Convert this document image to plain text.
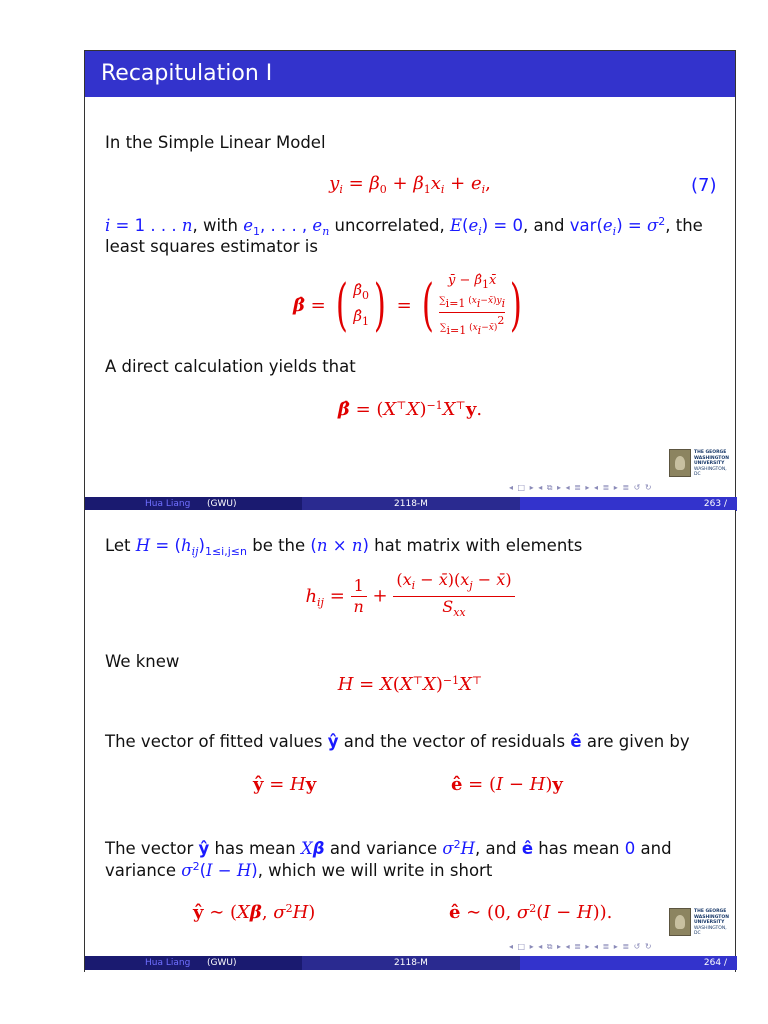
Recapitulation I
In the Simple Linear Model
$y_i = \beta_0 + \beta_1x_i + e_i$,	(7)
i = 1 . . . n, with $e_1$, . . . , $e_n$ uncorrelated, $E(e_i) = 0$, and $var(e_i) = \sigma^2$, the
least squares estimator is
β̂ = ( $\betâ_0$
$\betâ_1$) = (	ȳ − $\betâ_1x̄$
∑i=1 (xi−x̄)yi
∑i=1 (xi−x̄)2 )
A direct calculation yields that
β̂ = $(X^⊤X)^{-1}X^⊤y$.
THE GEORGE
WASHINGTON
UNIVERSITY
WASHINGTON, DC
◂ □ ▸ ◂ ⧉ ▸ ◂ ≣ ▸ ◂ ≣ ▸ ≣ ↺ ↻
Hua Liang (GWU)	2118-M	263 /
Let $H = (h_{ij})_{1\le i,j\le n}$ be the (n × n) hat matrix with elements
$h_{ij} = \frac{1}{n} + \frac{(x_i - x̄)(x_j - x̄)}{S_{xx}}$
We knew
$H = X(X^⊤X)^{-1}X^⊤$
The vector of fitted values ŷ and the vector of residuals ê are given by
ŷ = Hy	ê = (I − H)y
The vector ŷ has mean Xβ and variance $\sigma^2H$, and ê has mean 0 and
variance $\sigma^2(I - H)$, which we will write in short
ŷ ∼ (Xβ, $\sigma^2H$)	ê ∼ (0, $\sigma^2(I - H)$).	THE GEORGE
WASHINGTON
UNIVERSITY
WASHINGTON, DC
◂ □ ▸ ◂ ⧉ ▸ ◂ ≣ ▸ ◂ ≣ ▸ ≣ ↺ ↻
Hua Liang (GWU)	2118-M	264 /
